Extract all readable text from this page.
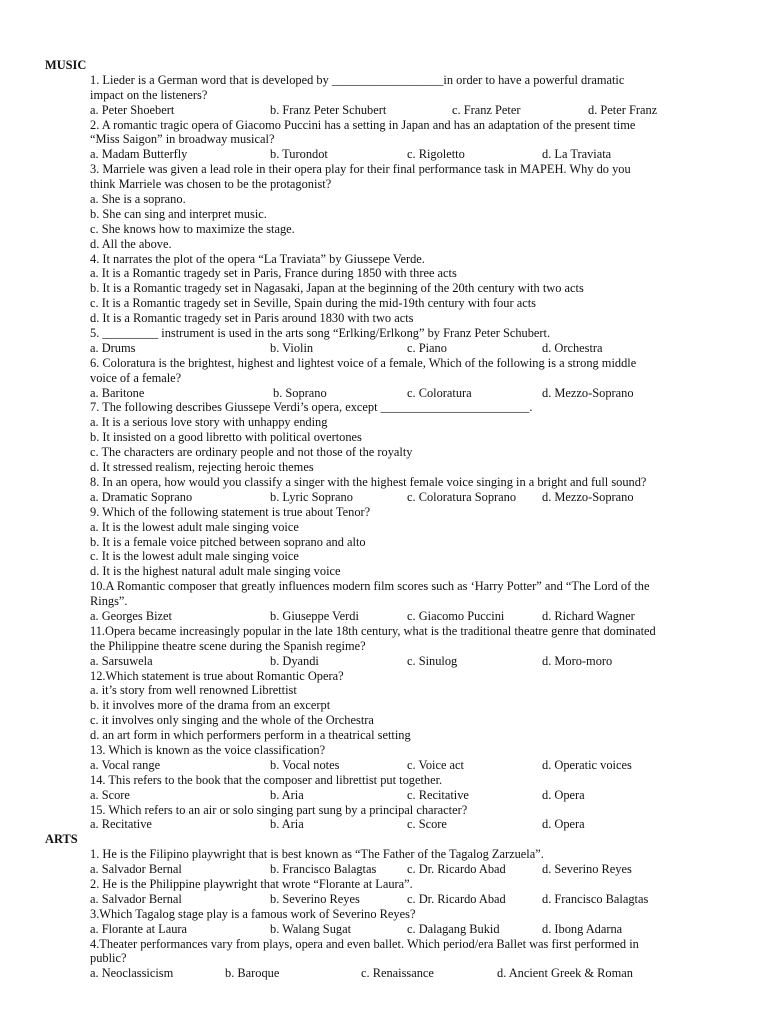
MUSIC
1. Lieder is a German word that is developed by __________________in order to have a powerful dramatic
impact on the listeners?
a. Peter Shoebert	b. Franz Peter Schubert	c. Franz Peter	d. Peter Franz
2. A romantic tragic opera of Giacomo Puccini has a setting in Japan and has an adaptation of the present time
“Miss Saigon” in broadway musical?
a. Madam Butterfly	b. Turondot	c. Rigoletto	d. La Traviata
3. Marriele was given a lead role in their opera play for their final performance task in MAPEH. Why do you
think Marriele was chosen to be the protagonist?
a. She is a soprano.
b. She can sing and interpret music.
c. She knows how to maximize the stage.
d. All the above.
4. It narrates the plot of the opera “La Traviata” by Giussepe Verde.
a. It is a Romantic tragedy set in Paris, France during 1850 with three acts
b. It is a Romantic tragedy set in Nagasaki, Japan at the beginning of the 20th century with two acts
c. It is a Romantic tragedy set in Seville, Spain during the mid-19th century with four acts
d. It is a Romantic tragedy set in Paris around 1830 with two acts
5. _________ instrument is used in the arts song “Erlking/Erlkong” by Franz Peter Schubert.
a. Drums	b. Violin	c. Piano	d. Orchestra
6. Coloratura is the brightest, highest and lightest voice of a female, Which of the following is a strong middle
voice of a female?
a. Baritone	b. Soprano	c. Coloratura	d. Mezzo-Soprano
7. The following describes Giussepe Verdi’s opera, except ________________________.
a. It is a serious love story with unhappy ending
b. It insisted on a good libretto with political overtones
c. The characters are ordinary people and not those of the royalty
d. It stressed realism, rejecting heroic themes
8. In an opera, how would you classify a singer with the highest female voice singing in a bright and full sound?
a. Dramatic Soprano	b. Lyric Soprano	c. Coloratura Soprano d. Mezzo-Soprano
9. Which of the following statement is true about Tenor?
a. It is the lowest adult male singing voice
b. It is a female voice pitched between soprano and alto
c. It is the lowest adult male singing voice
d. It is the highest natural adult male singing voice
10.A Romantic composer that greatly influences modern film scores such as ‘Harry Potter” and “The Lord of the
Rings”.
a. Georges Bizet	b. Giuseppe Verdi	c. Giacomo Puccini	d. Richard Wagner
11.Opera became increasingly popular in the late 18th century, what is the traditional theatre genre that dominated
the Philippine theatre scene during the Spanish regime?
a. Sarsuwela	b. Dyandi	c. Sinulog	d. Moro-moro
12.Which statement is true about Romantic Opera?
a. it’s story from well renowned Librettist
b. it involves more of the drama from an excerpt
c. it involves only singing and the whole of the Orchestra
d. an art form in which performers perform in a theatrical setting
13. Which is known as the voice classification?
a. Vocal range	b. Vocal notes	c. Voice act	d. Operatic voices
14. This refers to the book that the composer and librettist put together.
a. Score	b. Aria	c. Recitative	d. Opera
15. Which refers to an air or solo singing part sung by a principal character?
a. Recitative	b. Aria	c. Score	d. Opera
ARTS
1. He is the Filipino playwright that is best known as “The Father of the Tagalog Zarzuela”.
a. Salvador Bernal	b. Francisco Balagtas c. Dr. Ricardo Abad	d. Severino Reyes
2. He is the Philippine playwright that wrote “Florante at Laura”.
a. Salvador Bernal	b. Severino Reyes	c. Dr. Ricardo Abad	d. Francisco Balagtas
3.Which Tagalog stage play is a famous work of Severino Reyes?
a. Florante at Laura	b. Walang Sugat	c. Dalagang Bukid	d. Ibong Adarna
4.Theater performances vary from plays, opera and even ballet. Which period/era Ballet was first performed in
public?
a. Neoclassicism	b. Baroque	c. Renaissance	d. Ancient Greek & Roman
